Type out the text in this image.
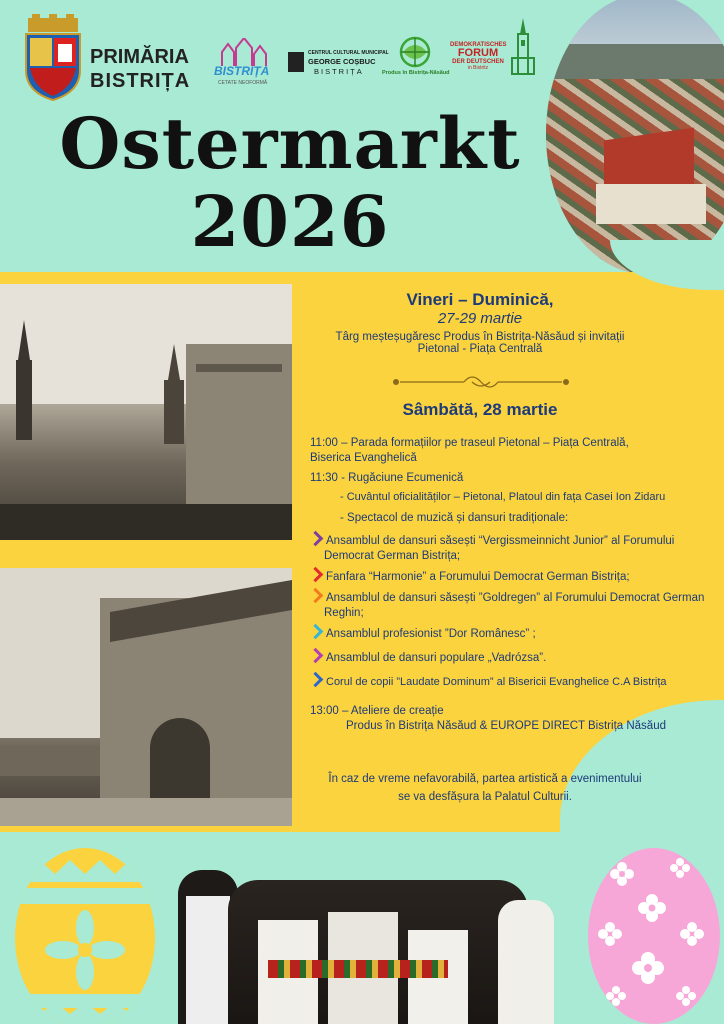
PRIMĂRIA
BISTRIȚA BISTRIȚA
CETATE NEOFORMĂ
CENTRUL CULTURAL MUNICIPAL
GEORGE COȘBUC
BISTRIȚA	Produs în Bistrița-Năsăud
DEMOKRATISCHES
FORUM
DER DEUTSCHEN
in Bistritz
Ostermarkt
2026
Vineri – Duminică,
27-29 martie
Târg meșteșugăresc Produs în Bistrița-Năsăud și invitații
Pietonal - Piața Centrală
Sâmbătă, 28 martie
11:00 – Parada formațiilor pe traseul Pietonal – Piața Centrală,
Biserica Evanghelică
11:30 - Rugăciune Ecumenică
- Cuvântul oficialităților – Pietonal, Platoul din fața Casei Ion Zidaru
- Spectacol de muzică și dansuri tradiționale:
Ansamblul de dansuri săsești “Vergissmeinnicht Junior” al Forumului
Democrat German Bistrița;
Fanfara “Harmonie” a Forumului Democrat German Bistrița;
Ansamblul de dansuri săsești ”Goldregen” al Forumului Democrat German
Reghin;
Ansamblul profesionist ”Dor Românesc” ;
Ansamblul de dansuri populare „Vadrózsa”.
Corul de copii ”Laudate Dominum” al Bisericii Evanghelice C.A Bistrița
13:00 – Ateliere de creație
Produs în Bistrița Năsăud & EUROPE DIRECT Bistrița Năsăud
În caz de vreme nefavorabilă, partea artistică a evenimentului
se va desfășura la Palatul Culturii.
